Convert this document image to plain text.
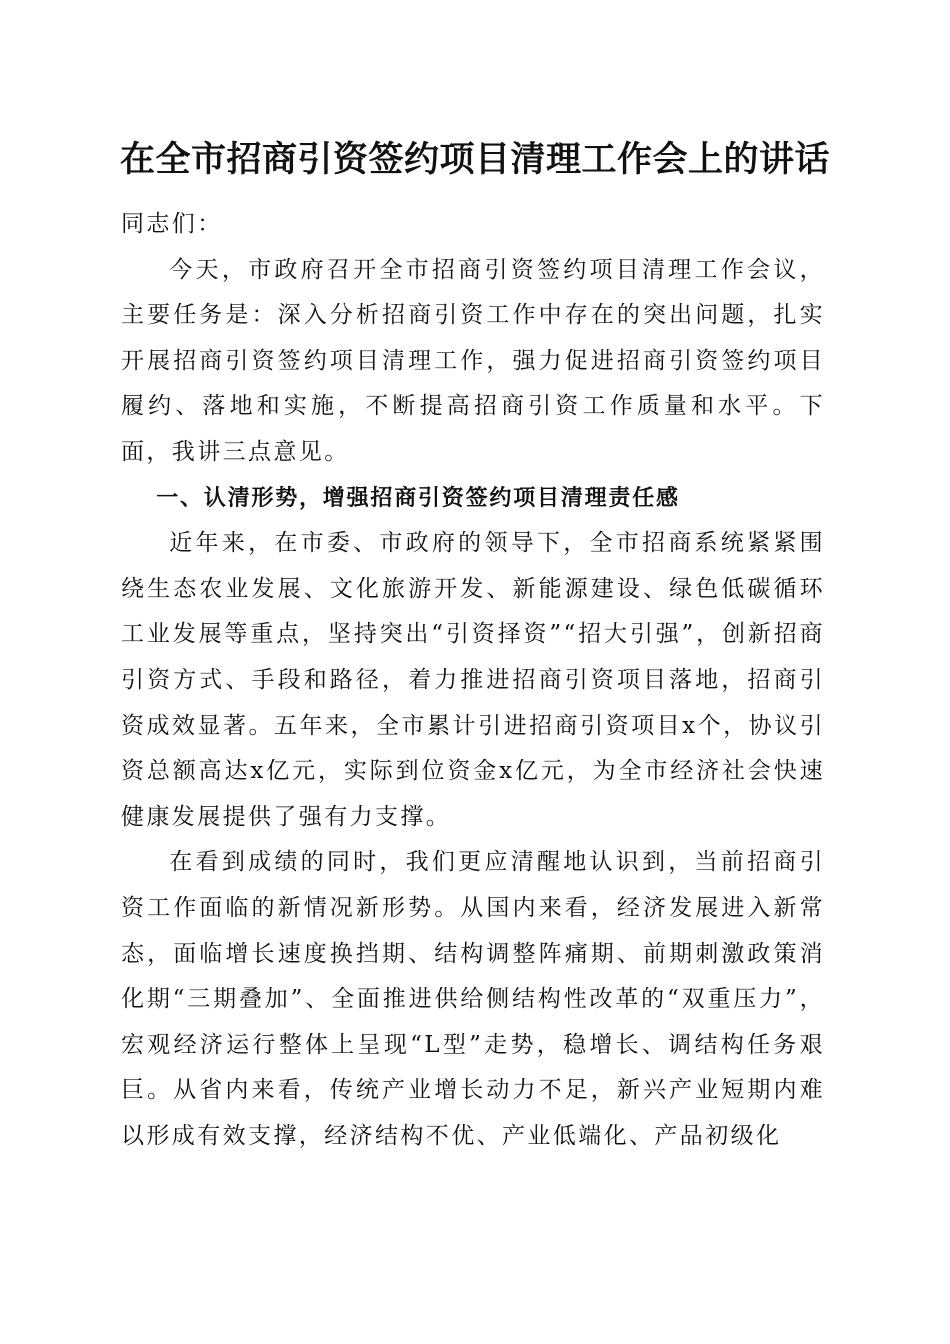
在全市招商引资签约项目清理工作会上的讲话

同志们：

今天，市政府召开全市招商引资签约项目清理工作会议，主要任务是：深入分析招商引资工作中存在的突出问题，扎实开展招商引资签约项目清理工作，强力促进招商引资签约项目履约、落地和实施，不断提高招商引资工作质量和水平。下面，我讲三点意见。

一、认清形势，增强招商引资签约项目清理责任感

近年来，在市委、市政府的领导下，全市招商系统紧紧围绕生态农业发展、文化旅游开发、新能源建设、绿色低碳循环工业发展等重点，坚持突出“引资择资”“招大引强”，创新招商引资方式、手段和路径，着力推进招商引资项目落地，招商引资成效显著。五年来，全市累计引进招商引资项目x个，协议引资总额高达x亿元，实际到位资金x亿元，为全市经济社会快速健康发展提供了强有力支撑。

在看到成绩的同时，我们更应清醒地认识到，当前招商引资工作面临的新情况新形势。从国内来看，经济发展进入新常态，面临增长速度换挡期、结构调整阵痛期、前期刺激政策消化期“三期叠加”、全面推进供给侧结构性改革的“双重压力”，宏观经济运行整体上呈现“L型”走势，稳增长、调结构任务艰巨。从省内来看，传统产业增长动力不足，新兴产业短期内难以形成有效支撑，经济结构不优、产业低端化、产品初级化
